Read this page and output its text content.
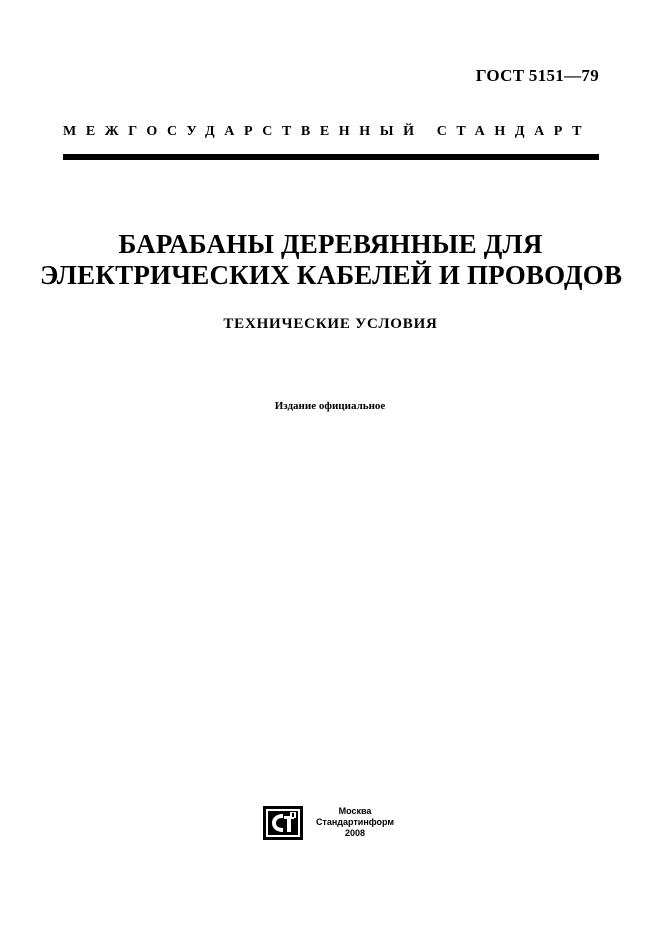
ГОСТ 5151—79
МЕЖГОСУДАРСТВЕННЫЙ СТАНДАРТ
БАРАБАНЫ ДЕРЕВЯННЫЕ ДЛЯ
ЭЛЕКТРИЧЕСКИХ КАБЕЛЕЙ И ПРОВОДОВ
ТЕХНИЧЕСКИЕ УСЛОВИЯ
Издание официальное
Москва
Стандартинформ
2008
